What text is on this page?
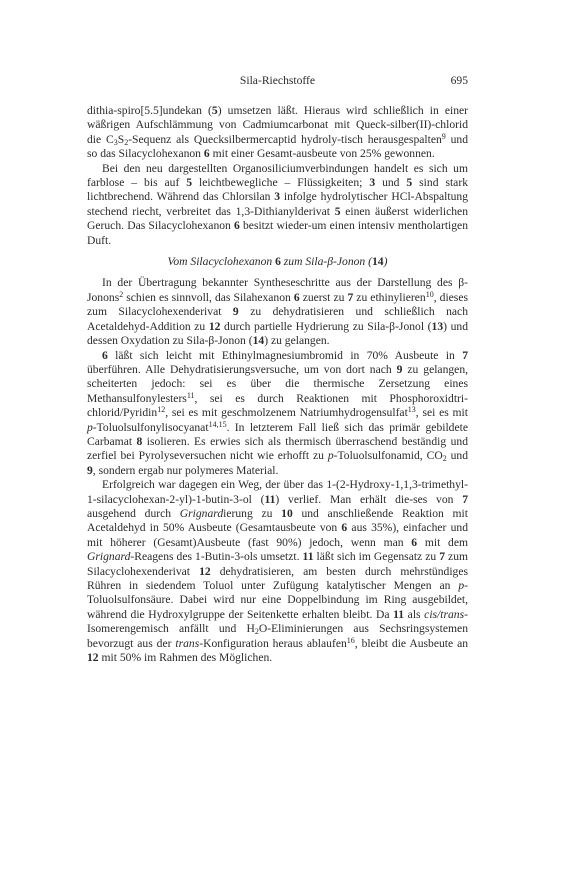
Sila-Riechstoffe	695

dithia-spiro[5.5]undekan (5) umsetzen läßt. Hieraus wird schließlich in einer wäßrigen Aufschlämmung von Cadmiumcarbonat mit Queck-silber(II)-chlorid die $C_3S_2$-Sequenz als Quecksilbermercaptid hydroly-tisch herausgespalten$^9$ und so das Silacyclohexanon 6 mit einer Gesamt-ausbeute von 25% gewonnen.

Bei den neu dargestellten Organosiliciumverbindungen handelt es sich um farblose – bis auf 5 leichtbewegliche – Flüssigkeiten; 3 und 5 sind stark lichtbrechend. Während das Chlorsilan 3 infolge hydrolytischer HCl-Abspaltung stechend riecht, verbreitet das 1,3-Dithianylderivat 5 einen äußerst widerlichen Geruch. Das Silacyclohexanon 6 besitzt wieder-um einen intensiv mentholartigen Duft.

Vom Silacyclohexanon 6 zum Sila-β-Jonon (14)

In der Übertragung bekannter Syntheseschritte aus der Darstellung des β-Jonons$^2$ schien es sinnvoll, das Silahexanon 6 zuerst zu 7 zu ethinylieren$^{10}$, dieses zum Silacyclohexenderivat 9 zu dehydratisieren und schließlich nach Acetaldehyd-Addition zu 12 durch partielle Hydrierung zu Sila-β-Jonol (13) und dessen Oxydation zu Sila-β-Jonon (14) zu gelangen.

6 läßt sich leicht mit Ethinylmagnesiumbromid in 70% Ausbeute in 7 überführen. Alle Dehydratisierungsversuche, um von dort nach 9 zu gelangen, scheiterten jedoch: sei es über die thermische Zersetzung eines Methansulfonylesters$^{11}$, sei es durch Reaktionen mit Phosphoroxidtri-chlorid/Pyridin$^{12}$, sei es mit geschmolzenem Natriumhydrogensulfat$^{13}$, sei es mit p-Toluolsulfonylisocyanat$^{14,15}$. In letzterem Fall ließ sich das primär gebildete Carbamat 8 isolieren. Es erwies sich als thermisch überraschend beständig und zerfiel bei Pyrolyseversuchen nicht wie erhofft zu p-Toluolsulfonamid, $CO_2$ und 9, sondern ergab nur polymeres Material.

Erfolgreich war dagegen ein Weg, der über das 1-(2-Hydroxy-1,1,3-trimethyl-1-silacyclohexan-2-yl)-1-butin-3-ol (11) verlief. Man erhält die-ses von 7 ausgehend durch Grignardierung zu 10 und anschließende Reaktion mit Acetaldehyd in 50% Ausbeute (Gesamtausbeute von 6 aus 35%), einfacher und mit höherer (Gesamt)Ausbeute (fast 90%) jedoch, wenn man 6 mit dem Grignard-Reagens des 1-Butin-3-ols umsetzt. 11 läßt sich im Gegensatz zu 7 zum Silacyclohexenderivat 12 dehydratisieren, am besten durch mehrstündiges Rühren in siedendem Toluol unter Zufügung katalytischer Mengen an p-Toluolsulfonsäure. Dabei wird nur eine Doppelbindung im Ring ausgebildet, während die Hydroxylgruppe der Seitenkette erhalten bleibt. Da 11 als cis/trans-Isomerengemisch anfällt und $H_2O$-Eliminierungen aus Sechsringsystemen bevorzugt aus der trans-Konfiguration heraus ablaufen$^{16}$, bleibt die Ausbeute an 12 mit 50% im Rahmen des Möglichen.
